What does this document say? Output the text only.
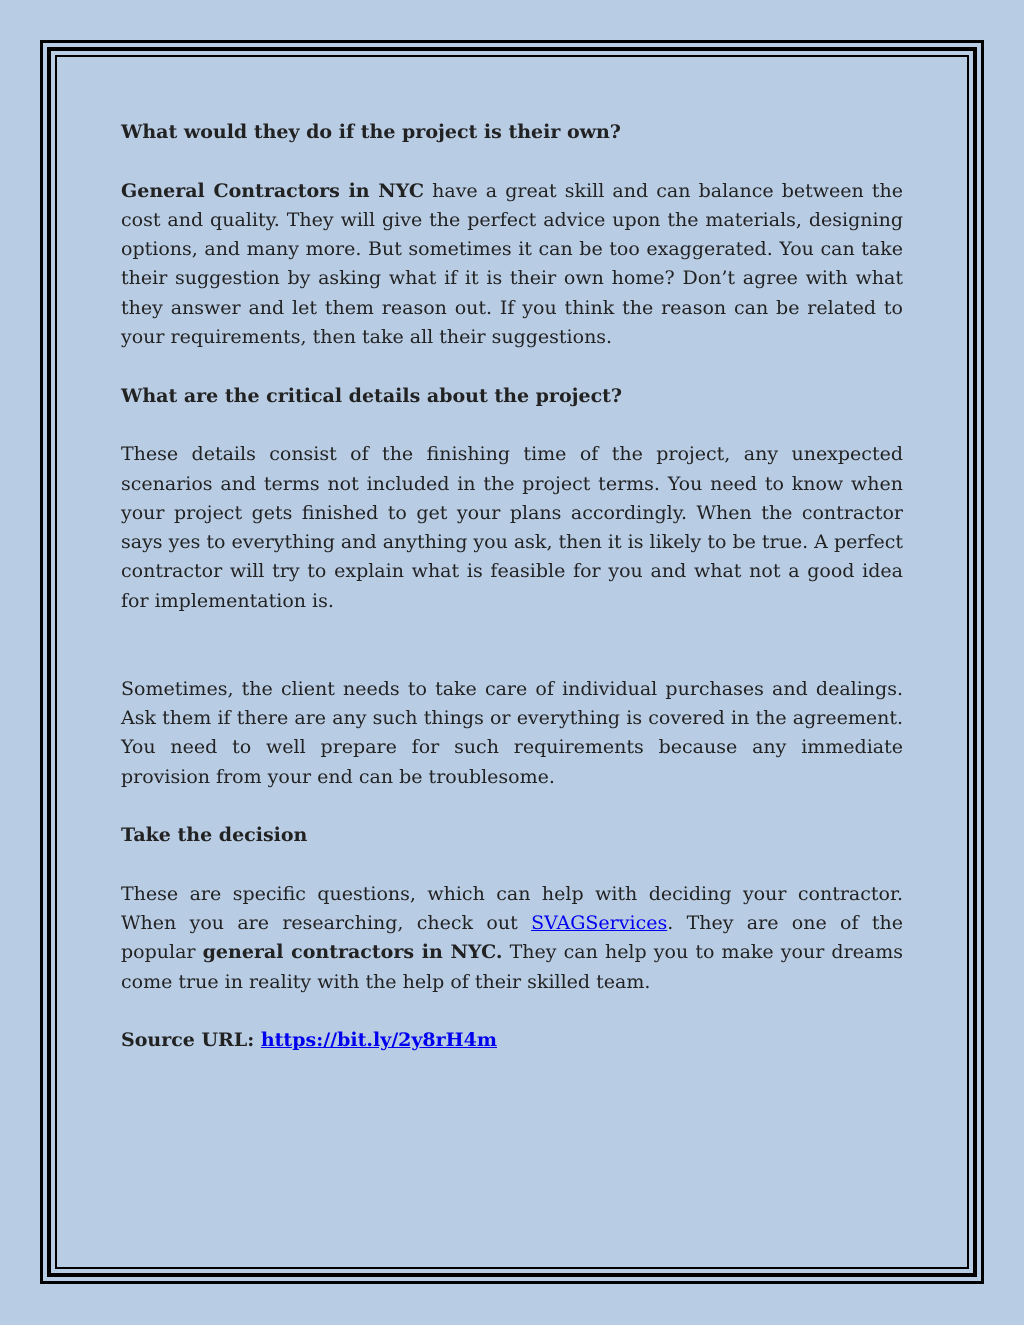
What would they do if the project is their own?

General Contractors in NYC have a great skill and can balance between the cost and quality. They will give the perfect advice upon the materials, designing options, and many more. But sometimes it can be too exaggerated. You can take their suggestion by asking what if it is their own home? Don’t agree with what they answer and let them reason out. If you think the reason can be related to your requirements, then take all their suggestions.

What are the critical details about the project?

These details consist of the finishing time of the project, any unexpected scenarios and terms not included in the project terms. You need to know when your project gets finished to get your plans accordingly. When the contractor says yes to everything and anything you ask, then it is likely to be true. A perfect contractor will try to explain what is feasible for you and what not a good idea for implementation is.

Sometimes, the client needs to take care of individual purchases and dealings. Ask them if there are any such things or everything is covered in the agreement. You need to well prepare for such requirements because any immediate provision from your end can be troublesome.

Take the decision

These are specific questions, which can help with deciding your contractor. When you are researching, check out SVAGServices. They are one of the popular general contractors in NYC. They can help you to make your dreams come true in reality with the help of their skilled team.

Source URL: https://bit.ly/2y8rH4m
